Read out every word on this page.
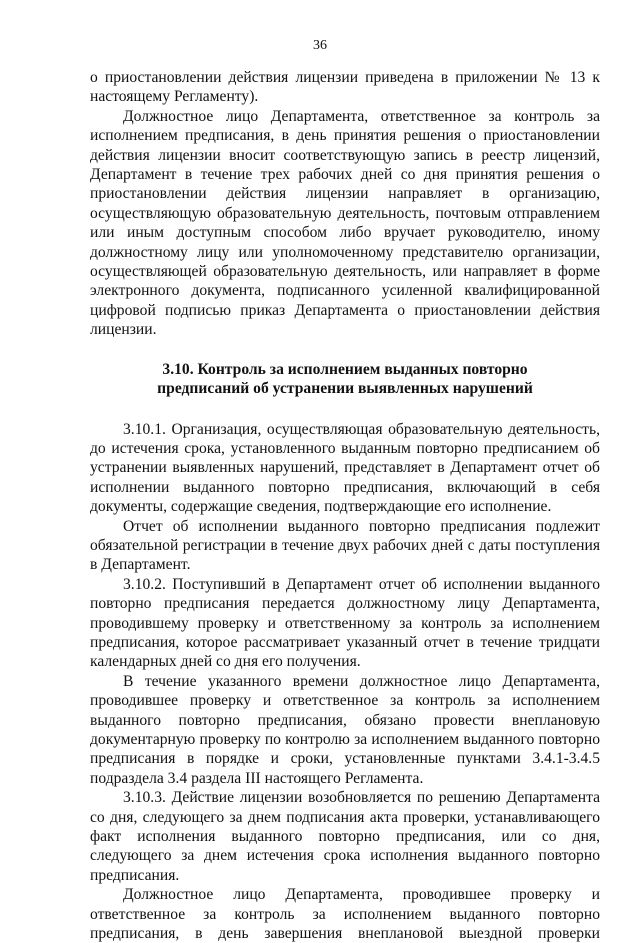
36

о приостановлении действия лицензии приведена в приложении № 13 к настоящему Регламенту).

Должностное лицо Департамента, ответственное за контроль за исполнением предписания, в день принятия решения о приостановлении действия лицензии вносит соответствующую запись в реестр лицензий, Департамент в течение трех рабочих дней со дня принятия решения о приостановлении действия лицензии направляет в организацию, осуществляющую образовательную деятельность, почтовым отправлением или иным доступным способом либо вручает руководителю, иному должностному лицу или уполномоченному представителю организации, осуществляющей образовательную деятельность, или направляет в форме электронного документа, подписанного усиленной квалифицированной цифровой подписью приказ Департамента о приостановлении действия лицензии.

3.10. Контроль за исполнением выданных повторно
предписаний об устранении выявленных нарушений

3.10.1. Организация, осуществляющая образовательную деятельность, до истечения срока, установленного выданным повторно предписанием об устранении выявленных нарушений, представляет в Департамент отчет об исполнении выданного повторно предписания, включающий в себя документы, содержащие сведения, подтверждающие его исполнение.

Отчет об исполнении выданного повторно предписания подлежит обязательной регистрации в течение двух рабочих дней с даты поступления в Департамент.

3.10.2. Поступивший в Департамент отчет об исполнении выданного повторно предписания передается должностному лицу Департамента, проводившему проверку и ответственному за контроль за исполнением предписания, которое рассматривает указанный отчет в течение тридцати календарных дней со дня его получения.

В течение указанного времени должностное лицо Департамента, проводившее проверку и ответственное за контроль за исполнением выданного повторно предписания, обязано провести внеплановую документарную проверку по контролю за исполнением выданного повторно предписания в порядке и сроки, установленные пунктами 3.4.1-3.4.5 подраздела 3.4 раздела III настоящего Регламента.

3.10.3. Действие лицензии возобновляется по решению Департамента со дня, следующего за днем подписания акта проверки, устанавливающего факт исполнения выданного повторно предписания, или со дня, следующего за днем истечения срока исполнения выданного повторно предписания.

Должностное лицо Департамента, проводившее проверку и ответственное за контроль за исполнением выданного повторно предписания, в день завершения внеплановой выездной проверки
